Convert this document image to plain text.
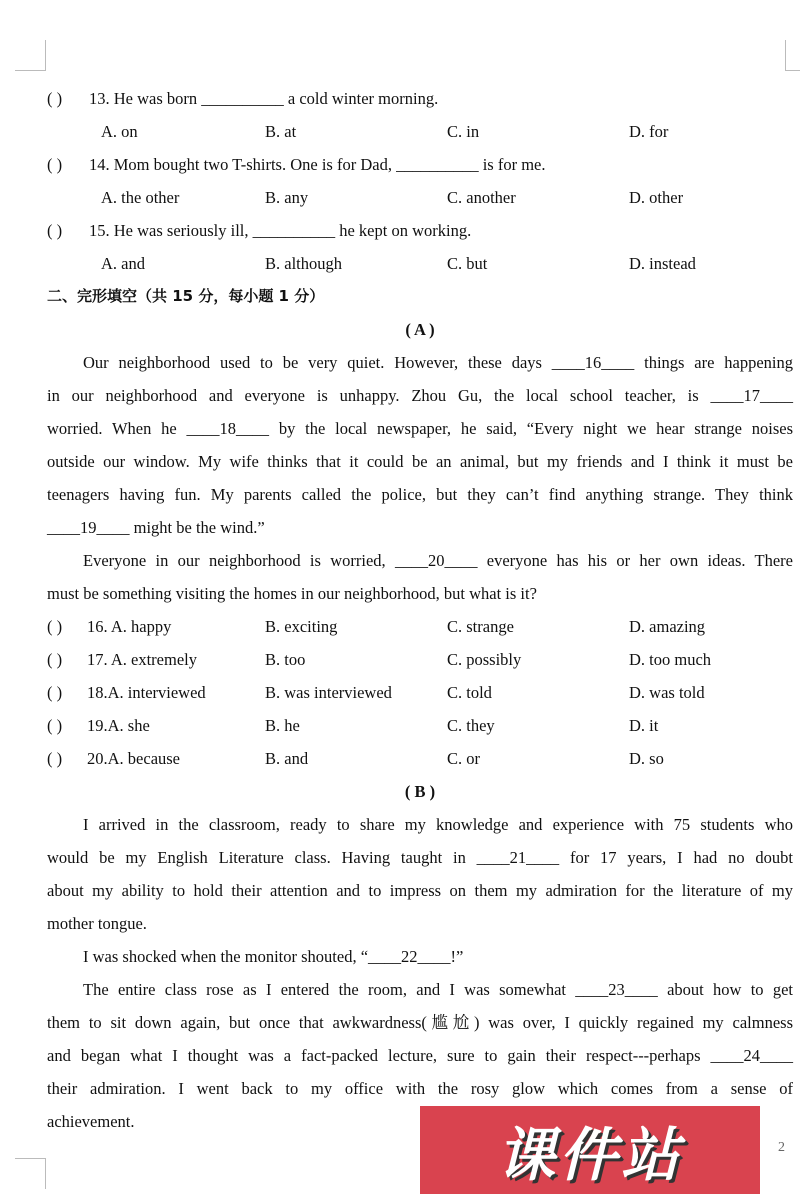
( ) 13. He was born __________ a cold winter morning.
A. on	B. at	C. in	D. for
( ) 14. Mom bought two T-shirts. One is for Dad, __________ is for me.
A. the other	B. any	C. another	D. other
( ) 15. He was seriously ill, __________ he kept on working.
A. and	B. although	C. but	D. instead
二、完形填空（共 15 分，每小题 1 分）
( A )
Our neighborhood used to be very quiet. However, these days ____16____ things are happening
in our neighborhood and everyone is unhappy. Zhou Gu, the local school teacher, is ____17____
worried. When he ____18____ by the local newspaper, he said, “Every night we hear strange noises
outside our window. My wife thinks that it could be an animal, but my friends and I think it must be
teenagers having fun. My parents called the police, but they can’t find anything strange. They think
____19____ might be the wind.”
Everyone in our neighborhood is worried, ____20____ everyone has his or her own ideas. There
must be something visiting the homes in our neighborhood, but what is it?
( ) 16. A. happy	B. exciting	C. strange	D. amazing
( ) 17. A. extremely	B. too	C. possibly	D. too much
( ) 18.A. interviewed	B. was interviewed	C. told	D. was told
( ) 19.A. she	B. he	C. they	D. it
( ) 20.A. because	B. and	C. or	D. so
( B )
I arrived in the classroom, ready to share my knowledge and experience with 75 students who
would be my English Literature class. Having taught in ____21____ for 17 years, I had no doubt
about my ability to hold their attention and to impress on them my admiration for the literature of my
mother tongue.
I was shocked when the monitor shouted, “____22____!”
The entire class rose as I entered the room, and I was somewhat ____23____ about how to get
them to sit down again, but once that awkwardness(尴尬) was over, I quickly regained my calmness
and began what I thought was a fact-packed lecture, sure to gain their respect---perhaps ____24____
their admiration. I went back to my office with the rosy glow which comes from a sense of
achievement.
2
课件站
